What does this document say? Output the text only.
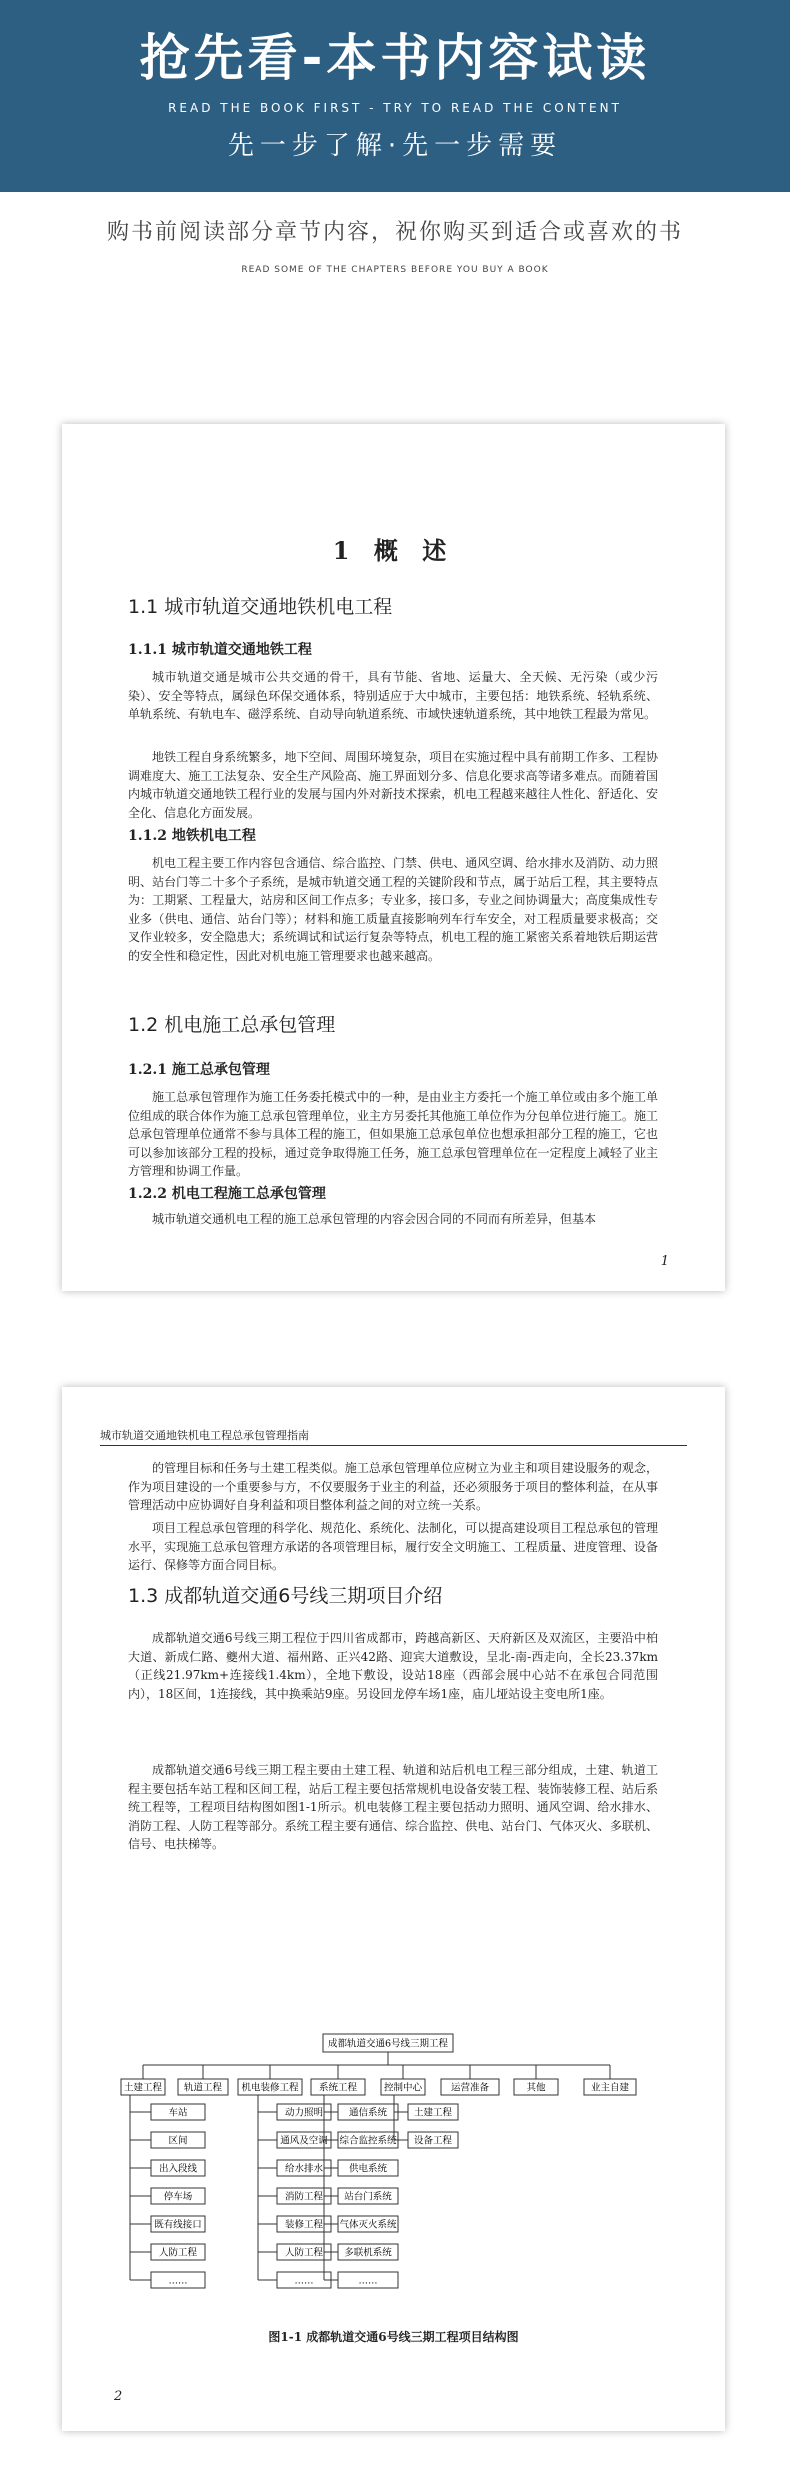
抢先看-本书内容试读
READ THE BOOK FIRST - TRY TO READ THE CONTENT
先一步了解·先一步需要
购书前阅读部分章节内容，祝你购买到适合或喜欢的书
READ SOME OF THE CHAPTERS BEFORE YOU BUY A BOOK
1 概 述
1.1 城市轨道交通地铁机电工程
1.1.1 城市轨道交通地铁工程
城市轨道交通是城市公共交通的骨干，具有节能、省地、运量大、全天候、无污染（或少污染）、安全等特点，属绿色环保交通体系，特别适应于大中城市，主要包括：地铁系统、轻轨系统、单轨系统、有轨电车、磁浮系统、自动导向轨道系统、市域快速轨道系统，其中地铁工程最为常见。
地铁工程自身系统繁多，地下空间、周围环境复杂，项目在实施过程中具有前期工作多、工程协调难度大、施工工法复杂、安全生产风险高、施工界面划分多、信息化要求高等诸多难点。而随着国内城市轨道交通地铁工程行业的发展与国内外对新技术探索，机电工程越来越往人性化、舒适化、安全化、信息化方面发展。
1.1.2 地铁机电工程
机电工程主要工作内容包含通信、综合监控、门禁、供电、通风空调、给水排水及消防、动力照明、站台门等二十多个子系统，是城市轨道交通工程的关键阶段和节点，属于站后工程，其主要特点为：工期紧、工程量大，站房和区间工作点多；专业多，接口多，专业之间协调量大；高度集成性专业多（供电、通信、站台门等）；材料和施工质量直接影响列车行车安全，对工程质量要求极高；交叉作业较多，安全隐患大；系统调试和试运行复杂等特点，机电工程的施工紧密关系着地铁后期运营的安全性和稳定性，因此对机电施工管理要求也越来越高。
1.2 机电施工总承包管理
1.2.1 施工总承包管理
施工总承包管理作为施工任务委托模式中的一种，是由业主方委托一个施工单位或由多个施工单位组成的联合体作为施工总承包管理单位，业主方另委托其他施工单位作为分包单位进行施工。施工总承包管理单位通常不参与具体工程的施工，但如果施工总承包单位也想承担部分工程的施工，它也可以参加该部分工程的投标，通过竞争取得施工任务，施工总承包管理单位在一定程度上减轻了业主方管理和协调工作量。
1.2.2 机电工程施工总承包管理
城市轨道交通机电工程的施工总承包管理的内容会因合同的不同而有所差异，但基本
1
城市轨道交通地铁机电工程总承包管理指南
的管理目标和任务与土建工程类似。施工总承包管理单位应树立为业主和项目建设服务的观念，作为项目建设的一个重要参与方，不仅要服务于业主的利益，还必须服务于项目的整体利益，在从事管理活动中应协调好自身利益和项目整体利益之间的对立统一关系。
项目工程总承包管理的科学化、规范化、系统化、法制化，可以提高建设项目工程总承包的管理水平，实现施工总承包管理方承诺的各项管理目标，履行安全文明施工、工程质量、进度管理、设备运行、保修等方面合同目标。
1.3 成都轨道交通6号线三期项目介绍
成都轨道交通6号线三期工程位于四川省成都市，跨越高新区、天府新区及双流区，主要沿中柏大道、新成仁路、夔州大道、福州路、正兴42路、迎宾大道敷设，呈北-南-西走向，全长23.37km（正线21.97km+连接线1.4km），全地下敷设，设站18座（西部会展中心站不在承包合同范围内），18区间，1连接线，其中换乘站9座。另设回龙停车场1座，庙儿垭站设主变电所1座。
成都轨道交通6号线三期工程主要由土建工程、轨道和站后机电工程三部分组成，土建、轨道工程主要包括车站工程和区间工程，站后工程主要包括常规机电设备安装工程、装饰装修工程、站后系统工程等，工程项目结构图如图1-1所示。机电装修工程主要包括动力照明、通风空调、给水排水、消防工程、人防工程等部分。系统工程主要有通信、综合监控、供电、站台门、气体灭火、多联机、信号、电扶梯等。
成都轨道交通6号线三期工程
土建工程 轨道工程 机电装修工程 系统工程	控制中心	运营准备	其他	业主自建
车站
区间
出入段线
停车场
既有线接口
人防工程
……
动力照明
通风及空调
给水排水
消防工程
装修工程
人防工程
……
通信系统
综合监控系统
供电系统
站台门系统
气体灭火系统
多联机系统
……
土建工程
设备工程
图1-1 成都轨道交通6号线三期工程项目结构图
2
